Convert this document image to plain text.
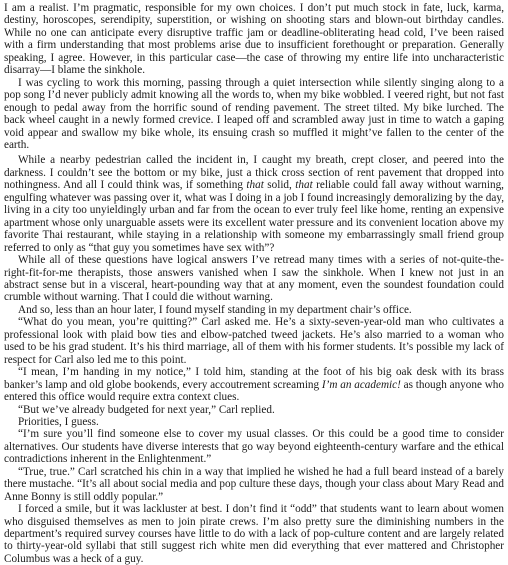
I am a realist. I’m pragmatic, responsible for my own choices. I don’t put much stock in fate, luck, karma, destiny, horoscopes, serendipity, superstition, or wishing on shooting stars and blown-out birthday candles. While no one can anticipate every disruptive traffic jam or deadline-obliterating head cold, I’ve been raised with a firm understanding that most problems arise due to insufficient forethought or preparation. Generally speaking, I agree. However, in this particular case—the case of throwing my entire life into uncharacteristic disarray—I blame the sinkhole.

I was cycling to work this morning, passing through a quiet intersection while silently singing along to a pop song I’d never publicly admit knowing all the words to, when my bike wobbled. I veered right, but not fast enough to pedal away from the horrific sound of rending pavement. The street tilted. My bike lurched. The back wheel caught in a newly formed crevice. I leaped off and scrambled away just in time to watch a gaping void appear and swallow my bike whole, its ensuing crash so muffled it might’ve fallen to the center of the earth.

While a nearby pedestrian called the incident in, I caught my breath, crept closer, and peered into the darkness. I couldn’t see the bottom or my bike, just a thick cross section of rent pavement that dropped into nothingness. And all I could think was, if something that solid, that reliable could fall away without warning, engulfing whatever was passing over it, what was I doing in a job I found increasingly demoralizing by the day, living in a city too unyieldingly urban and far from the ocean to ever truly feel like home, renting an expensive apartment whose only unarguable assets were its excellent water pressure and its convenient location above my favorite Thai restaurant, while staying in a relationship with someone my embarrassingly small friend group referred to only as “that guy you sometimes have sex with”?

While all of these questions have logical answers I’ve retread many times with a series of not-quite-the-right-fit-for-me therapists, those answers vanished when I saw the sinkhole. When I knew not just in an abstract sense but in a visceral, heart-pounding way that at any moment, even the soundest foundation could crumble without warning. That I could die without warning.

And so, less than an hour later, I found myself standing in my department chair’s office.

“What do you mean, you’re quitting?” Carl asked me. He’s a sixty-seven-year-old man who cultivates a professional look with plaid bow ties and elbow-patched tweed jackets. He’s also married to a woman who used to be his grad student. It’s his third marriage, all of them with his former students. It’s possible my lack of respect for Carl also led me to this point.

“I mean, I’m handing in my notice,” I told him, standing at the foot of his big oak desk with its brass banker’s lamp and old globe bookends, every accoutrement screaming I’m an academic! as though anyone who entered this office would require extra context clues.

“But we’ve already budgeted for next year,” Carl replied.

Priorities, I guess.

“I’m sure you’ll find someone else to cover my usual classes. Or this could be a good time to consider alternatives. Our students have diverse interests that go way beyond eighteenth-century warfare and the ethical contradictions inherent in the Enlightenment.”

“True, true.” Carl scratched his chin in a way that implied he wished he had a full beard instead of a barely there mustache. “It’s all about social media and pop culture these days, though your class about Mary Read and Anne Bonny is still oddly popular.”

I forced a smile, but it was lackluster at best. I don’t find it “odd” that students want to learn about women who disguised themselves as men to join pirate crews. I’m also pretty sure the diminishing numbers in the department’s required survey courses have little to do with a lack of pop-culture content and are largely related to thirty-year-old syllabi that still suggest rich white men did everything that ever mattered and Christopher Columbus was a heck of a guy.
